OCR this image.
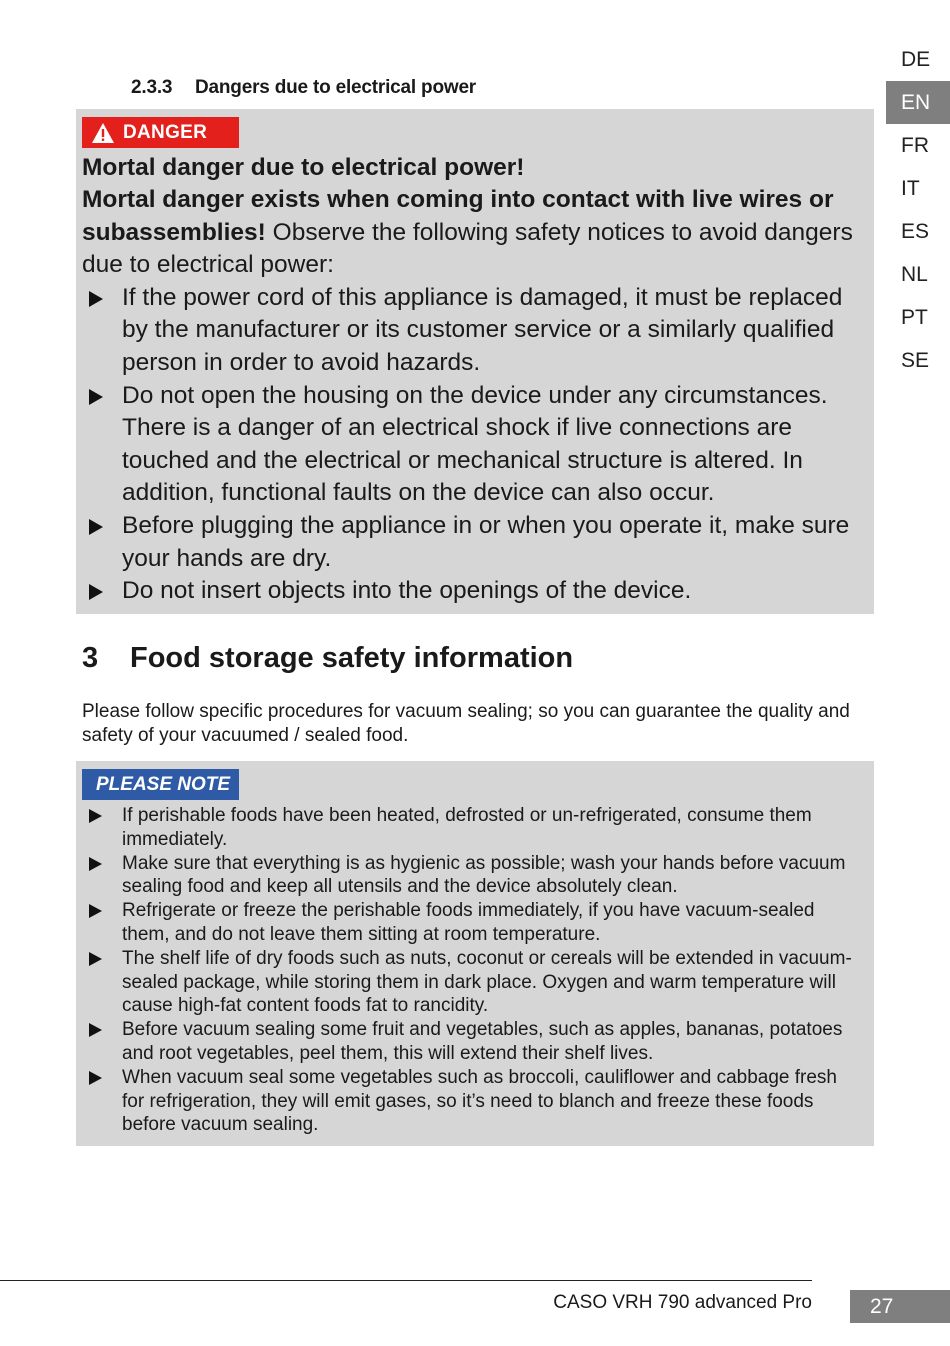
2.3.3 Dangers due to electrical power
DE
EN
FR
IT
ES
NL
PT
SE
DANGER
Mortal danger due to electrical power!
Mortal danger exists when coming into contact with live wires or subassemblies! Observe the following safety notices to avoid dangers due to electrical power:
If the power cord of this appliance is damaged, it must be replaced by the manufacturer or its customer service or a similarly qualified person in order to avoid hazards.
Do not open the housing on the device under any circumstances. There is a danger of an electrical shock if live connections are touched and the electrical or mechanical structure is altered. In addition, functional faults on the device can also occur.
Before plugging the appliance in or when you operate it, make sure your hands are dry.
Do not insert objects into the openings of the device.
3 Food storage safety information

Please follow specific procedures for vacuum sealing; so you can guarantee the quality and safety of your vacuumed / sealed food.

PLEASE NOTE
If perishable foods have been heated, defrosted or un-refrigerated, consume them immediately.
Make sure that everything is as hygienic as possible; wash your hands before vacuum sealing food and keep all utensils and the device absolutely clean.
Refrigerate or freeze the perishable foods immediately, if you have vacuum-sealed them, and do not leave them sitting at room temperature.
The shelf life of dry foods such as nuts, coconut or cereals will be extended in vacuum-sealed package, while storing them in dark place. Oxygen and warm temperature will cause high-fat content foods fat to rancidity.
Before vacuum sealing some fruit and vegetables, such as apples, bananas, potatoes and root vegetables, peel them, this will extend their shelf lives.
When vacuum seal some vegetables such as broccoli, cauliflower and cabbage fresh for refrigeration, they will emit gases, so it’s need to blanch and freeze these foods before vacuum sealing.
CASO VRH 790 advanced Pro	27
